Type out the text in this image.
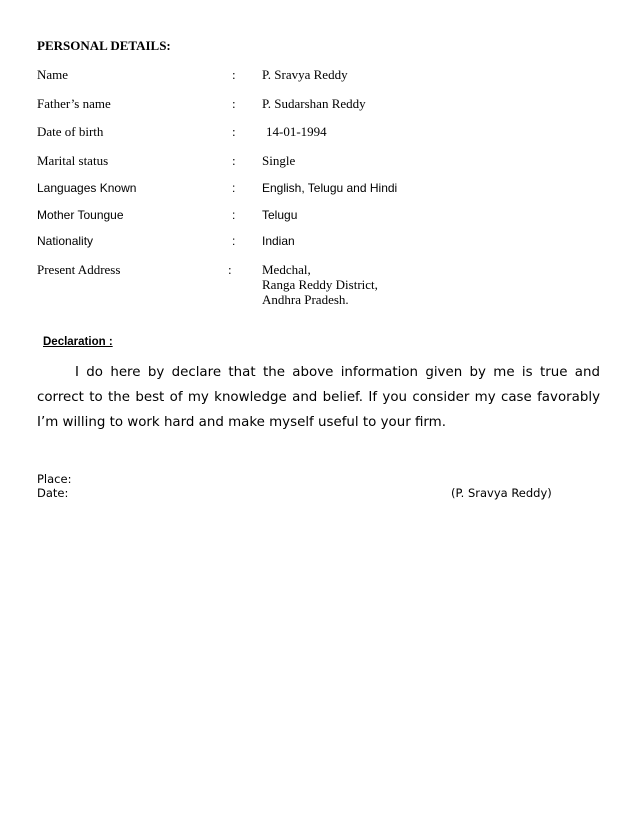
PERSONAL DETAILS:
Name	: P. Sravya Reddy
Father’s name	: P. Sudarshan Reddy
Date of birth	: 14-01-1994
Marital status	: Single
Languages Known	: English, Telugu and Hindi
Mother Toungue	: Telugu
Nationality	: Indian
Present Address	: Medchal,
Ranga Reddy District,
Andhra Pradesh.
Declaration :
I do here by declare that the above information given by me is true and correct to the best of my knowledge and belief. If you consider my case favorably I’m willing to work hard and make myself useful to your firm.
Place:
Date:	(P. Sravya Reddy)
